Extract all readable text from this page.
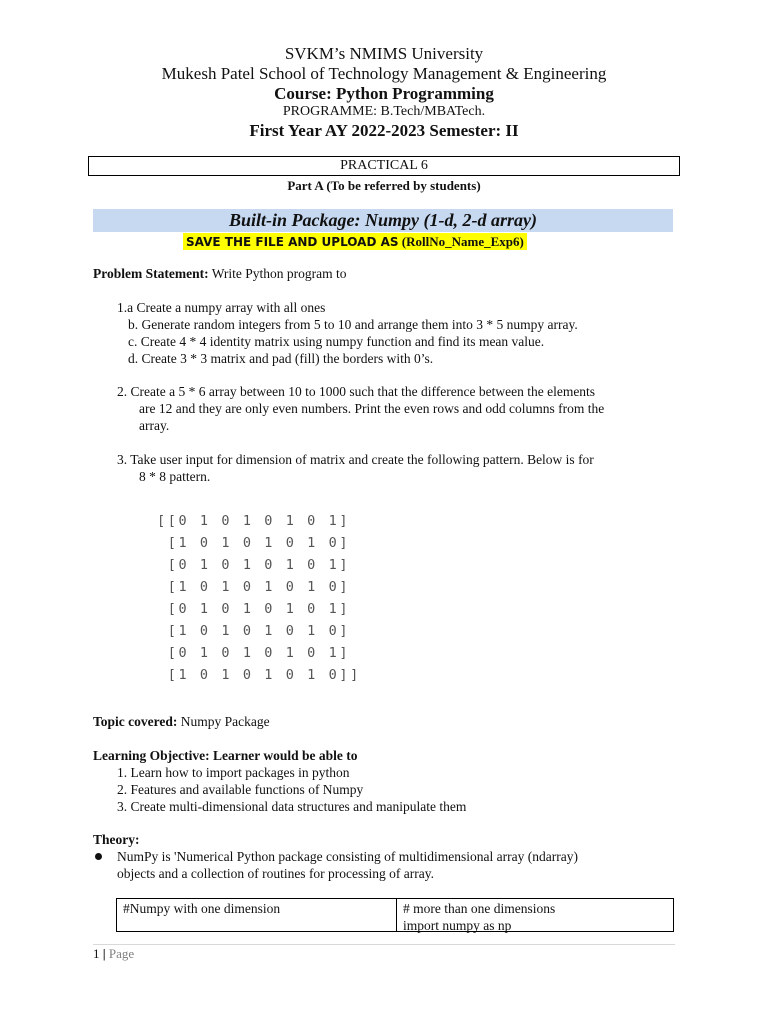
SVKM’s NMIMS University
Mukesh Patel School of Technology Management & Engineering
Course: Python Programming
PROGRAMME: B.Tech/MBATech.
First Year AY 2022-2023 Semester: II
PRACTICAL 6
Part A (To be referred by students)
Built-in Package: Numpy (1-d, 2-d array)
SAVE THE FILE AND UPLOAD AS (RollNo_Name_Exp6)
Problem Statement: Write Python program to
1.a Create a numpy array with all ones
b. Generate random integers from 5 to 10 and arrange them into 3 * 5 numpy array.
c. Create 4 * 4 identity matrix using numpy function and find its mean value.
d. Create 3 * 3 matrix and pad (fill) the borders with 0’s.
2. Create a 5 * 6 array between 10 to 1000 such that the difference between the elements
are 12 and they are only even numbers. Print the even rows and odd columns from the
array.
3. Take user input for dimension of matrix and create the following pattern. Below is for
8 * 8 pattern.
[[0 1 0 1 0 1 0 1]
[1 0 1 0 1 0 1 0]
[0 1 0 1 0 1 0 1]
[1 0 1 0 1 0 1 0]
[0 1 0 1 0 1 0 1]
[1 0 1 0 1 0 1 0]
[0 1 0 1 0 1 0 1]
[1 0 1 0 1 0 1 0]]
Topic covered: Numpy Package
Learning Objective: Learner would be able to
1. Learn how to import packages in python
2. Features and available functions of Numpy
3. Create multi-dimensional data structures and manipulate them
Theory:
NumPy is 'Numerical Python package consisting of multidimensional array (ndarray)
objects and a collection of routines for processing of array.
#Numpy with one dimension	# more than one dimensions
import numpy as np
1 | Page
